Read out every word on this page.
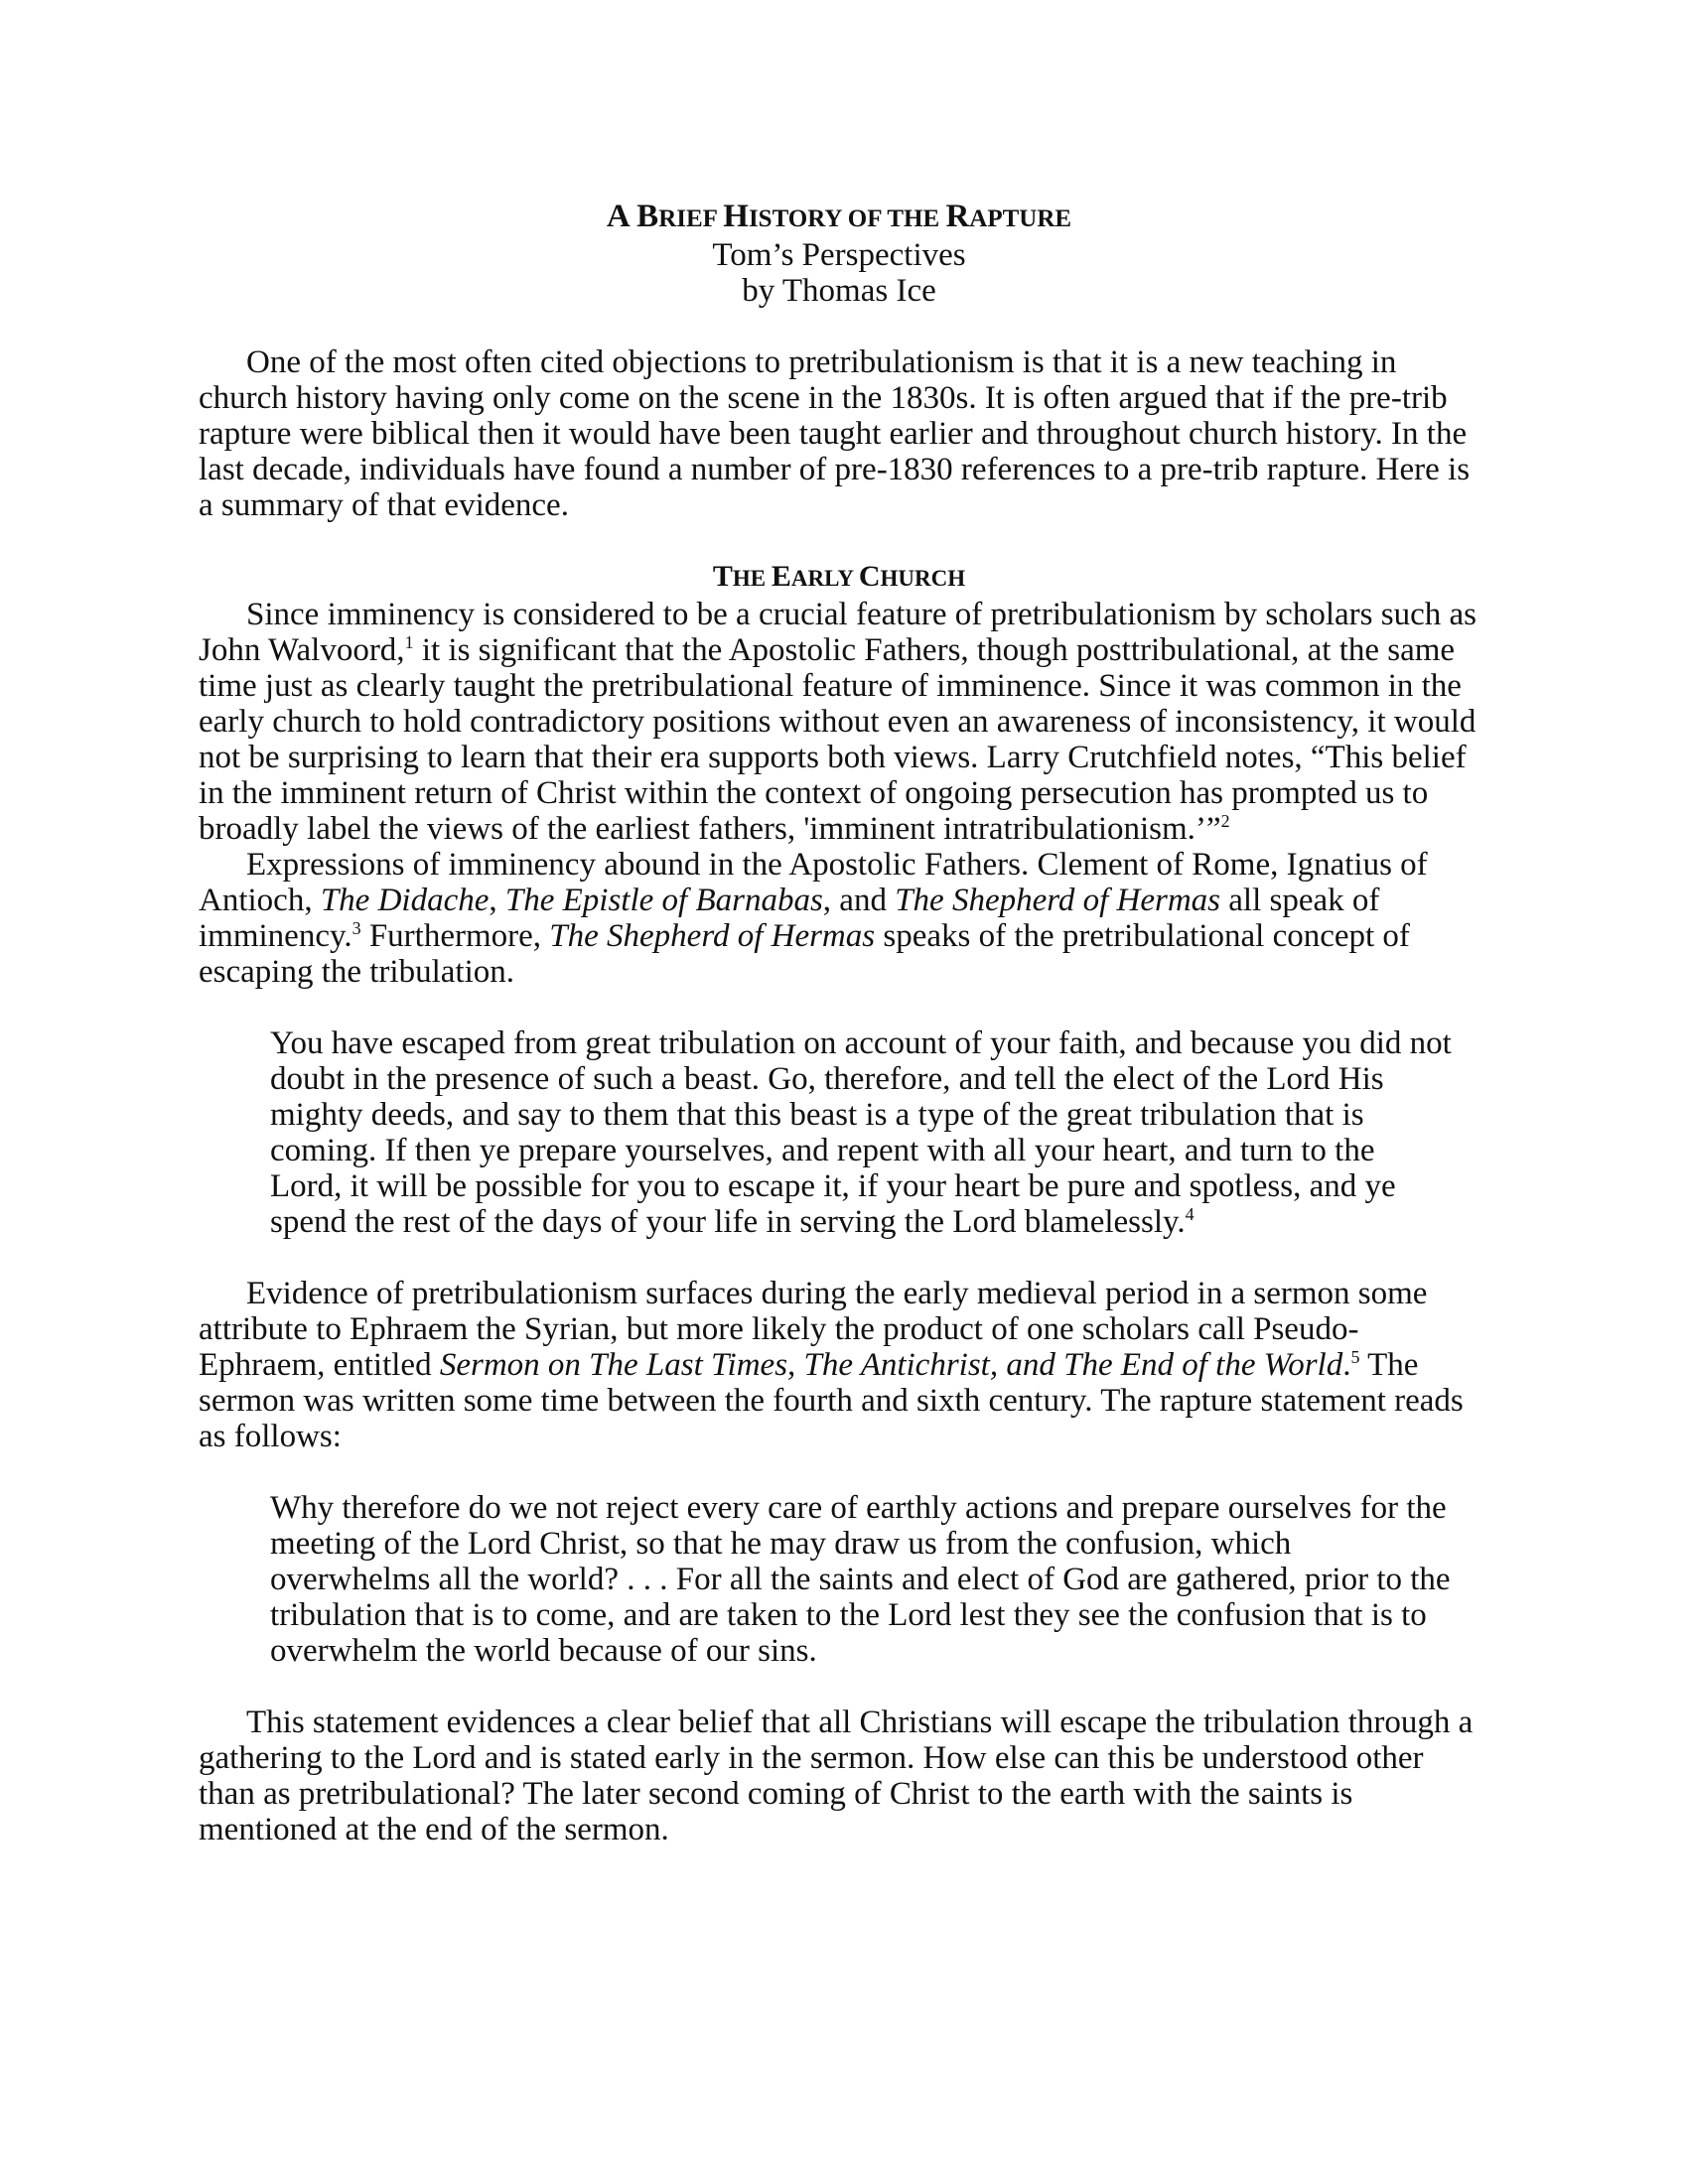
A BRIEF HISTORY OF THE RAPTURE
Tom’s Perspectives
by Thomas Ice

One of the most often cited objections to pretribulationism is that it is a new teaching in church history having only come on the scene in the 1830s. It is often argued that if the pre-trib rapture were biblical then it would have been taught earlier and throughout church history. In the last decade, individuals have found a number of pre-1830 references to a pre-trib rapture. Here is a summary of that evidence.

THE EARLY CHURCH

Since imminency is considered to be a crucial feature of pretribulationism by scholars such as John Walvoord,$^1$ it is significant that the Apostolic Fathers, though posttribulational, at the same time just as clearly taught the pretribulational feature of imminence. Since it was common in the early church to hold contradictory positions without even an awareness of inconsistency, it would not be surprising to learn that their era supports both views. Larry Crutchfield notes, “This belief in the imminent return of Christ within the context of ongoing persecution has prompted us to broadly label the views of the earliest fathers, 'imminent intratribulationism.’”$^2$

Expressions of imminency abound in the Apostolic Fathers. Clement of Rome, Ignatius of Antioch, The Didache, The Epistle of Barnabas, and The Shepherd of Hermas all speak of imminency.$^3$ Furthermore, The Shepherd of Hermas speaks of the pretribulational concept of escaping the tribulation.

You have escaped from great tribulation on account of your faith, and because you did not doubt in the presence of such a beast. Go, therefore, and tell the elect of the Lord His mighty deeds, and say to them that this beast is a type of the great tribulation that is coming. If then ye prepare yourselves, and repent with all your heart, and turn to the Lord, it will be possible for you to escape it, if your heart be pure and spotless, and ye spend the rest of the days of your life in serving the Lord blamelessly.$^4$

Evidence of pretribulationism surfaces during the early medieval period in a sermon some attribute to Ephraem the Syrian, but more likely the product of one scholars call Pseudo-Ephraem, entitled Sermon on The Last Times, The Antichrist, and The End of the World.$^5$ The sermon was written some time between the fourth and sixth century. The rapture statement reads as follows:

Why therefore do we not reject every care of earthly actions and prepare ourselves for the meeting of the Lord Christ, so that he may draw us from the confusion, which overwhelms all the world? . . . For all the saints and elect of God are gathered, prior to the tribulation that is to come, and are taken to the Lord lest they see the confusion that is to overwhelm the world because of our sins.

This statement evidences a clear belief that all Christians will escape the tribulation through a gathering to the Lord and is stated early in the sermon. How else can this be understood other than as pretribulational? The later second coming of Christ to the earth with the saints is mentioned at the end of the sermon.
